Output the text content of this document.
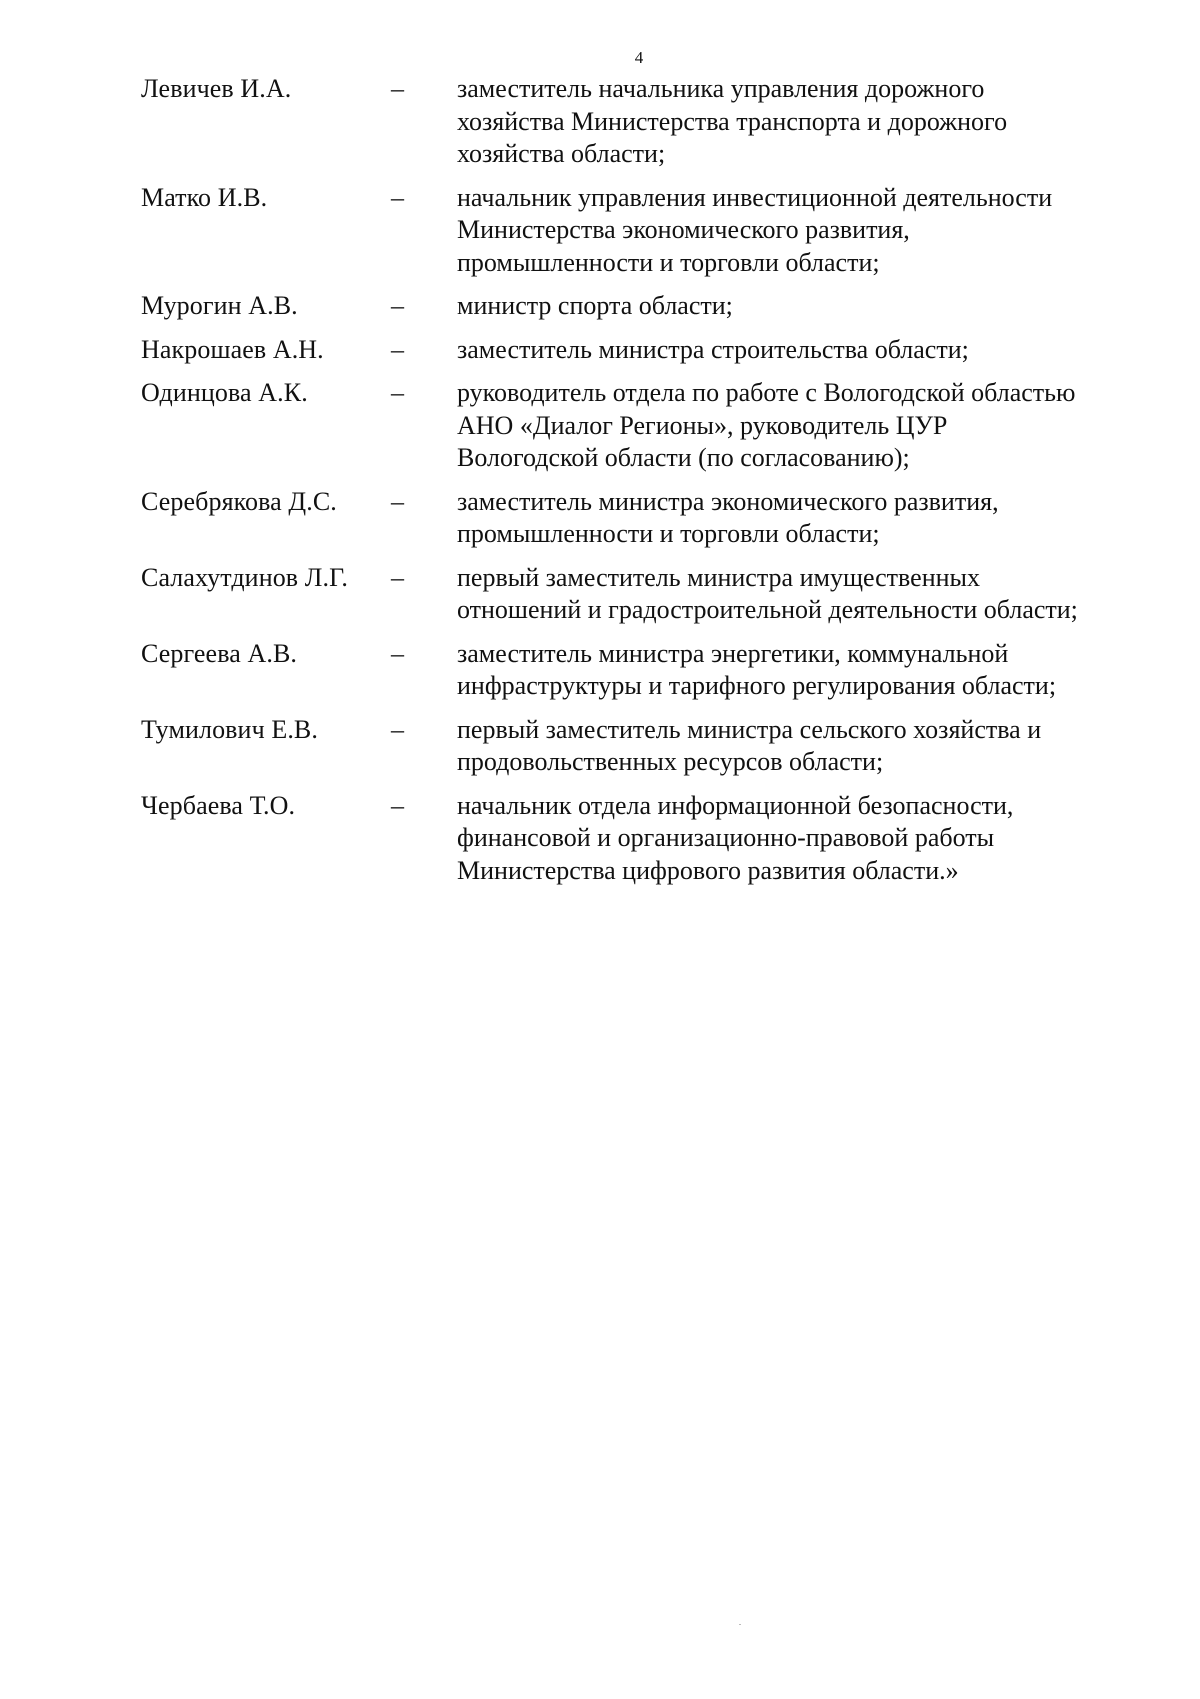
4
Левичев И.А.	–	заместитель начальника управления дорожного
хозяйства Министерства транспорта и дорожного
хозяйства области;
Матко И.В.	–	начальник управления инвестиционной деятельности
Министерства экономического развития,
промышленности и торговли области;
Мурогин А.В.	–	министр спорта области;
Накрошаев А.Н.	–	заместитель министра строительства области;
Одинцова А.К.	–	руководитель отдела по работе с Вологодской областью
АНО «Диалог Регионы», руководитель ЦУР
Вологодской области (по согласованию);
Серебрякова Д.С.	–	заместитель министра экономического развития,
промышленности и торговли области;
Салахутдинов Л.Г.	–	первый заместитель министра имущественных
отношений и градостроительной деятельности области;
Сергеева А.В.	–	заместитель министра энергетики, коммунальной
инфраструктуры и тарифного регулирования области;
Тумилович Е.В.	–	первый заместитель министра сельского хозяйства и
продовольственных ресурсов области;
Чербаева Т.О.	–	начальник отдела информационной безопасности,
финансовой и организационно-правовой работы
Министерства цифрового развития области.»
